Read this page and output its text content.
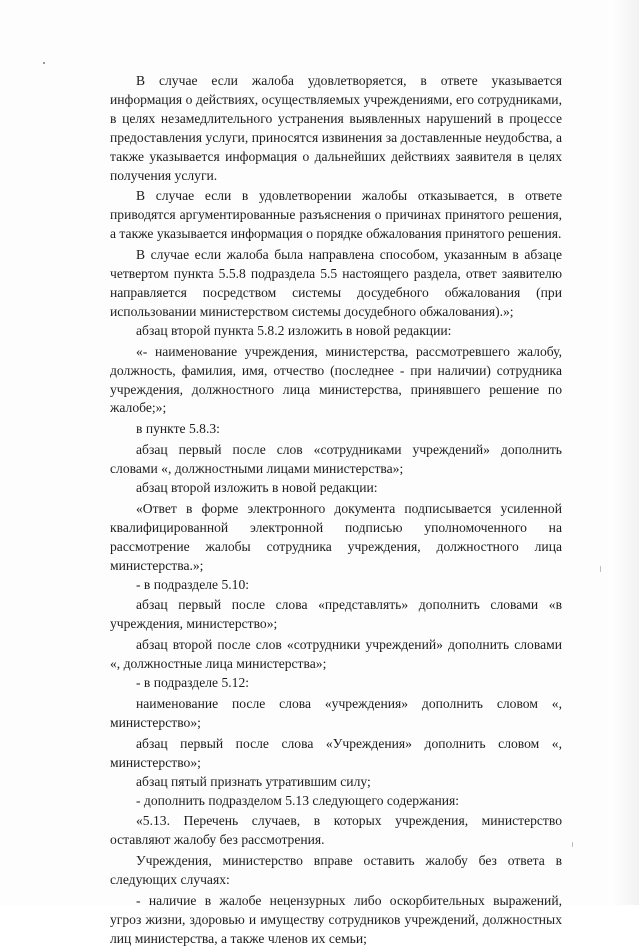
В случае если жалоба удовлетворяется, в ответе указывается информация о действиях, осуществляемых учреждениями, его сотрудниками, в целях незамедлительного устранения выявленных нарушений в процессе предоставления услуги, приносятся извинения за доставленные неудобства, а также указывается информация о дальнейших действиях заявителя в целях получения услуги.

В случае если в удовлетворении жалобы отказывается, в ответе приводятся аргументированные разъяснения о причинах принятого решения, а также указывается информация о порядке обжалования принятого решения.

В случае если жалоба была направлена способом, указанным в абзаце четвертом пункта 5.5.8 подраздела 5.5 настоящего раздела, ответ заявителю направляется посредством системы досудебного обжалования (при использовании министерством системы досудебного обжалования).»;

абзац второй пункта 5.8.2 изложить в новой редакции:

«- наименование учреждения, министерства, рассмотревшего жалобу, должность, фамилия, имя, отчество (последнее - при наличии) сотрудника учреждения, должностного лица министерства, принявшего решение по жалобе;»;

в пункте 5.8.3:

абзац первый после слов «сотрудниками учреждений» дополнить словами «, должностными лицами министерства»;

абзац второй изложить в новой редакции:

«Ответ в форме электронного документа подписывается усиленной квалифицированной электронной подписью уполномоченного на рассмотрение жалобы сотрудника учреждения, должностного лица министерства.»;

- в подразделе 5.10:

абзац первый после слова «представлять» дополнить словами «в учреждения, министерство»;

абзац второй после слов «сотрудники учреждений» дополнить словами «, должностные лица министерства»;

- в подразделе 5.12:

наименование после слова «учреждения» дополнить словом «, министерство»;

абзац первый после слова «Учреждения» дополнить словом «, министерство»;

абзац пятый признать утратившим силу;

- дополнить подразделом 5.13 следующего содержания:

«5.13. Перечень случаев, в которых учреждения, министерство оставляют жалобу без рассмотрения.

Учреждения, министерство вправе оставить жалобу без ответа в следующих случаях:

- наличие в жалобе нецензурных либо оскорбительных выражений, угроз жизни, здоровью и имуществу сотрудников учреждений, должностных лиц министерства, а также членов их семьи;
